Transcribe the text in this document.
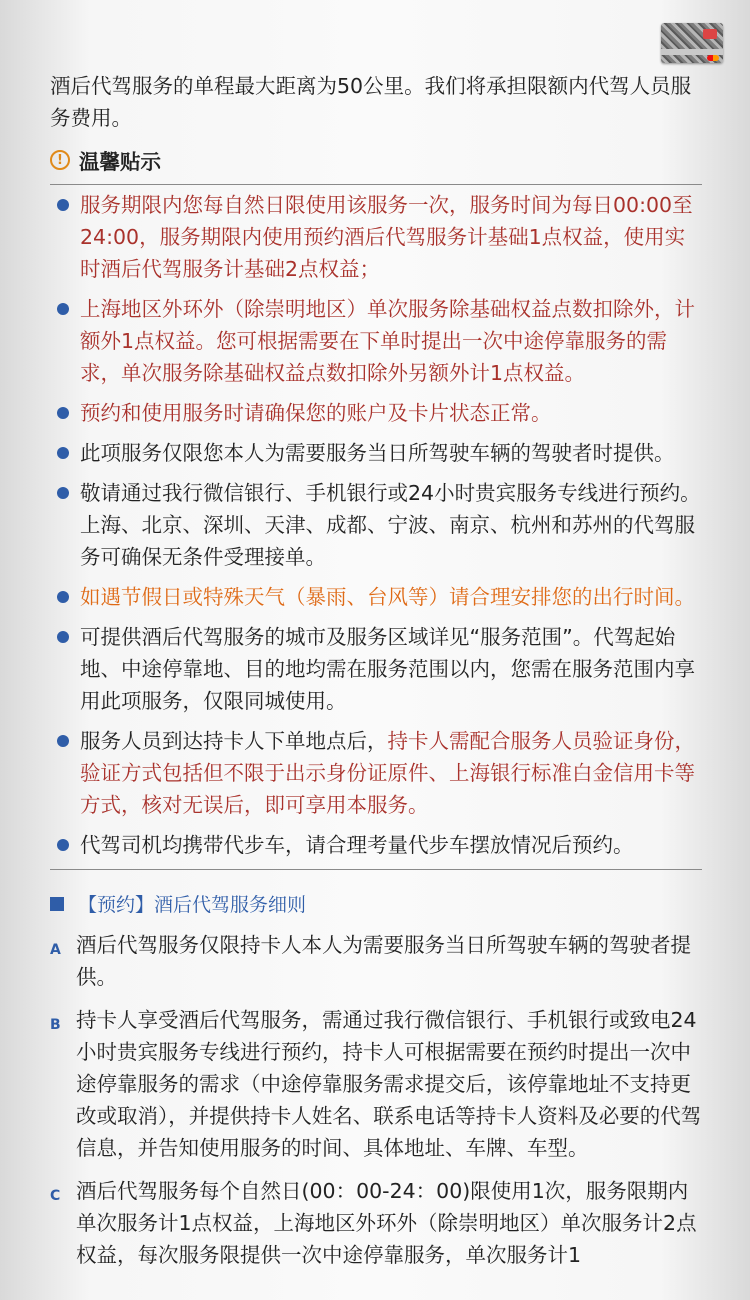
酒后代驾服务的单程最大距离为50公里。我们将承担限额内代驾人员服务费用。

! 温馨贴示
服务期限内您每自然日限使用该服务一次，服务时间为每日00:00至24:00，服务期限内使用预约酒后代驾服务计基础1点权益，使用实时酒后代驾服务计基础2点权益；
上海地区外环外（除崇明地区）单次服务除基础权益点数扣除外，计额外1点权益。您可根据需要在下单时提出一次中途停靠服务的需求，单次服务除基础权益点数扣除外另额外计1点权益。
预约和使用服务时请确保您的账户及卡片状态正常。
此项服务仅限您本人为需要服务当日所驾驶车辆的驾驶者时提供。
敬请通过我行微信银行、手机银行或24小时贵宾服务专线进行预约。上海、北京、深圳、天津、成都、宁波、南京、杭州和苏州的代驾服务可确保无条件受理接单。
如遇节假日或特殊天气（暴雨、台风等）请合理安排您的出行时间。
可提供酒后代驾服务的城市及服务区域详见“服务范围”。代驾起始地、中途停靠地、目的地均需在服务范围以内，您需在服务范围内享用此项服务，仅限同城使用。
服务人员到达持卡人下单地点后，持卡人需配合服务人员验证身份，验证方式包括但不限于出示身份证原件、上海银行标准白金信用卡等方式，核对无误后，即可享用本服务。
代驾司机均携带代步车，请合理考量代步车摆放情况后预约。
【预约】酒后代驾服务细则
A 酒后代驾服务仅限持卡人本人为需要服务当日所驾驶车辆的驾驶者提供。
B 持卡人享受酒后代驾服务，需通过我行微信银行、手机银行或致电24小时贵宾服务专线进行预约，持卡人可根据需要在预约时提出一次中途停靠服务的需求（中途停靠服务需求提交后，该停靠地址不支持更改或取消），并提供持卡人姓名、联系电话等持卡人资料及必要的代驾信息，并告知使用服务的时间、具体地址、车牌、车型。
C 酒后代驾服务每个自然日(00：00-24：00)限使用1次，服务限期内单次服务计1点权益，上海地区外环外（除崇明地区）单次服务计2点权益，每次服务限提供一次中途停靠服务，单次服务计1
